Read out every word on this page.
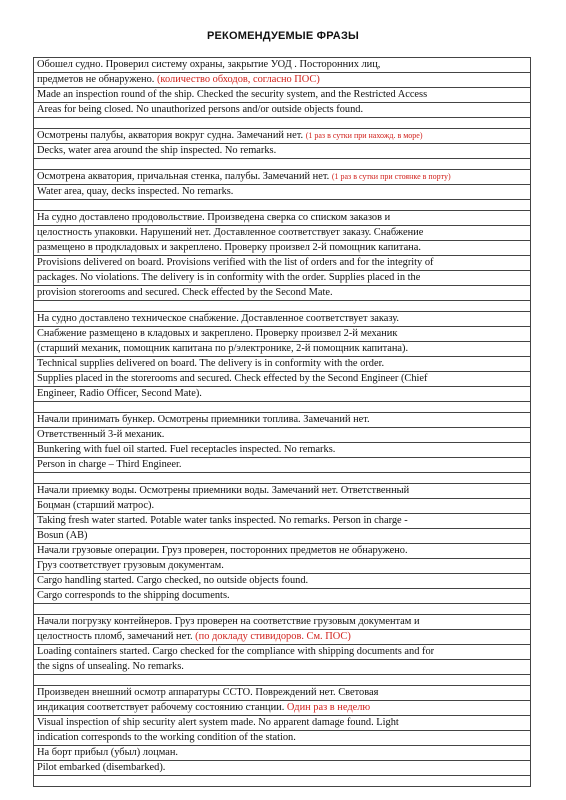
РЕКОМЕНДУЕМЫЕ ФРАЗЫ
Обошел судно. Проверил систему охраны, закрытие УОД . Посторонних лиц,
предметов не обнаружено. (количество обходов, согласно ПОС)
Made an inspection round of the ship. Checked the security system, and the Restricted Access
Areas for being closed. No unauthorized persons and/or outside objects found.

Осмотрены палубы, акватория вокруг судна. Замечаний нет. (1 раз в сутки при нахожд. в море)
Decks, water area around the ship inspected. No remarks.

Осмотрена акватория, причальная стенка, палубы. Замечаний нет. (1 раз в сутки при стоянке в порту)
Water area, quay, decks inspected. No remarks.

На судно доставлено продовольствие. Произведена сверка со списком заказов и
целостность упаковки. Нарушений нет. Доставленное соответствует заказу. Снабжение
размещено в продкладовых и закреплено. Проверку произвел 2-й помощник капитана.
Provisions delivered on board. Provisions verified with the list of orders and for the integrity of
packages. No violations. The delivery is in conformity with the order. Supplies placed in the
provision storerooms and secured. Check effected by the Second Mate.

На судно доставлено техническое снабжение. Доставленное соответствует заказу.
Снабжение размещено в кладовых и закреплено. Проверку произвел 2-й механик
(старший механик, помощник капитана по р/электронике, 2-й помощник капитана).
Technical supplies delivered on board. The delivery is in conformity with the order.
Supplies placed in the storerooms and secured. Check effected by the Second Engineer (Chief
Engineer, Radio Officer, Second Mate).

Начали принимать бункер. Осмотрены приемники топлива. Замечаний нет.
Ответственный 3-й механик.
Bunkering with fuel oil started. Fuel receptacles inspected. No remarks.
Person in charge – Third Engineer.

Начали приемку воды. Осмотрены приемники воды. Замечаний нет. Ответственный
Боцман (старший матрос).
Taking fresh water started. Potable water tanks inspected. No remarks. Person in charge -
Bosun (AB)
Начали грузовые операции. Груз проверен, посторонних предметов не обнаружено.
Груз соответствует грузовым документам.
Cargo handling started. Cargo checked, no outside objects found.
Cargo corresponds to the shipping documents.

Начали погрузку контейнеров. Груз проверен на соответствие грузовым документам и
целостность пломб, замечаний нет. (по докладу стивидоров. См. ПОС)
Loading containers started. Cargo checked for the compliance with shipping documents and for
the signs of unsealing. No remarks.

Произведен внешний осмотр аппаратуры ССТО. Повреждений нет. Световая
индикация соответствует рабочему состоянию станции. Один раз в неделю
Visual inspection of ship security alert system made. No apparent damage found. Light
indication corresponds to the working condition of the station.
На борт прибыл (убыл) лоцман.
Pilot embarked (disembarked).
